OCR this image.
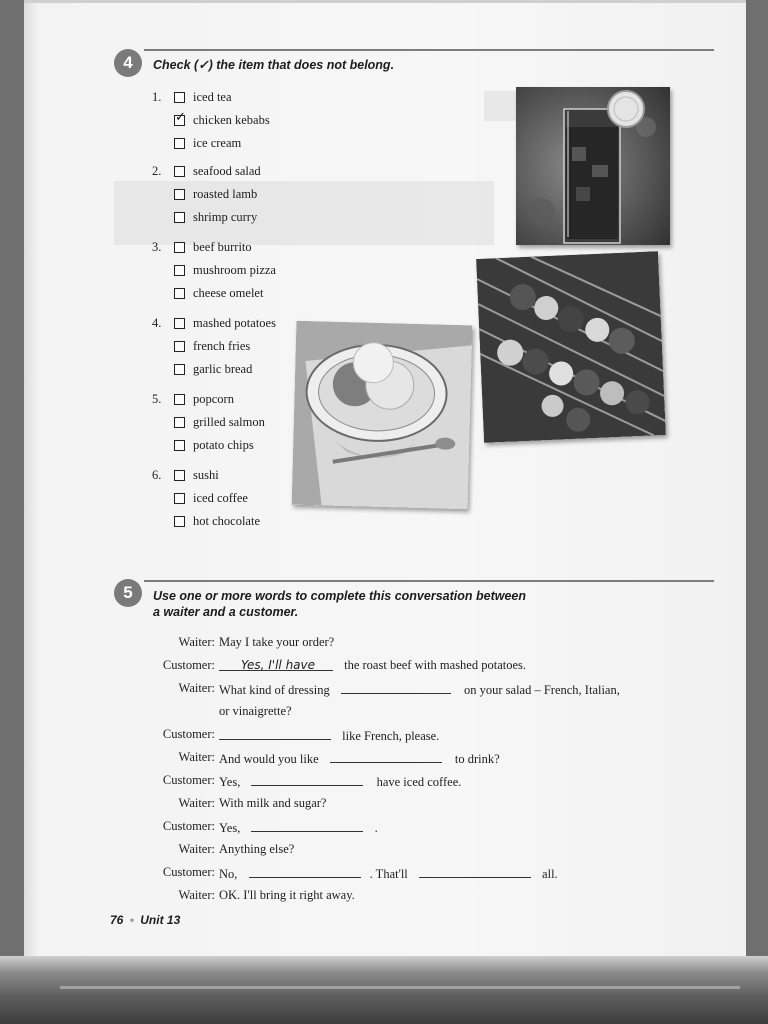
4	Check (✓) the item that does not belong.
1.	iced tea
✓
chicken kebabs
ice cream
2.	seafood salad
roasted lamb
shrimp curry
3.	beef burrito
mushroom pizza
cheese omelet
4.	mashed potatoes
french fries
garlic bread
5.	popcorn
grilled salmon
potato chips
6.	sushi
iced coffee
hot chocolate
5	Use one or more words to complete this conversation between
a waiter and a customer.
Waiter: May I take your order?
Customer:	Yes, I'll have the roast beef with mashed potatoes.
Waiter: What kind of dressing	on your salad – French, Italian,
or vinaigrette?
Customer:	like French, please.
Waiter: And would you like	to drink?
Customer: Yes,	have iced coffee.
Waiter: With milk and sugar?
Customer: Yes,	.
Waiter: Anything else?
Customer: No,	. That'll	all.
Waiter: OK. I'll bring it right away.
76 • Unit 13
